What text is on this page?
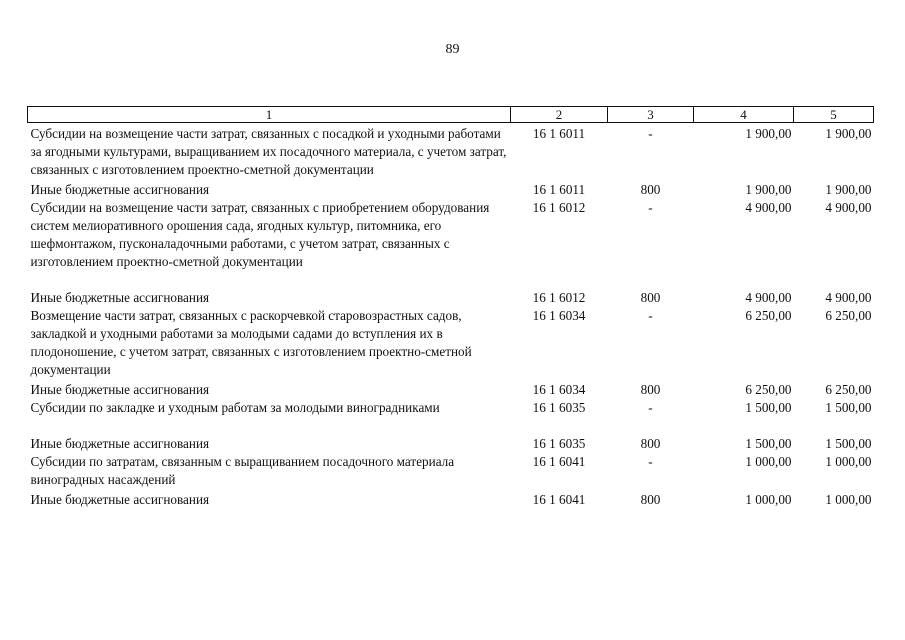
89
1	2	3	4	5
Субсидии на возмещение части затрат, связанных с посадкой и уходными работами за ягодными культурами, выращиванием их посадочного материала, с учетом затрат, связанных с изготовлением проектно-сметной документации	16 1 6011	-	1 900,00	1 900,00
Иные бюджетные ассигнования	16 1 6011	800	1 900,00	1 900,00
Субсидии на возмещение части затрат, связанных с приобретением оборудования систем мелиоративного орошения сада, ягодных культур, питомника, его шефмонтажом, пусконаладочными работами, с учетом затрат, связанных с изготовлением проектно-сметной документации	16 1 6012	-	4 900,00	4 900,00
Иные бюджетные ассигнования	16 1 6012	800	4 900,00	4 900,00
Возмещение части затрат, связанных с раскорчевкой старовозрастных садов, закладкой и уходными работами за молодыми садами до вступления их в плодоношение, с учетом затрат, связанных с изготовлением проектно-сметной документации	16 1 6034	-	6 250,00	6 250,00
Иные бюджетные ассигнования	16 1 6034	800	6 250,00	6 250,00
Субсидии по закладке и уходным работам за молодыми виноградниками	16 1 6035	-	1 500,00	1 500,00
Иные бюджетные ассигнования	16 1 6035	800	1 500,00	1 500,00
Субсидии по затратам, связанным с выращиванием посадочного материала виноградных насаждений	16 1 6041	-	1 000,00	1 000,00
Иные бюджетные ассигнования	16 1 6041	800	1 000,00	1 000,00
